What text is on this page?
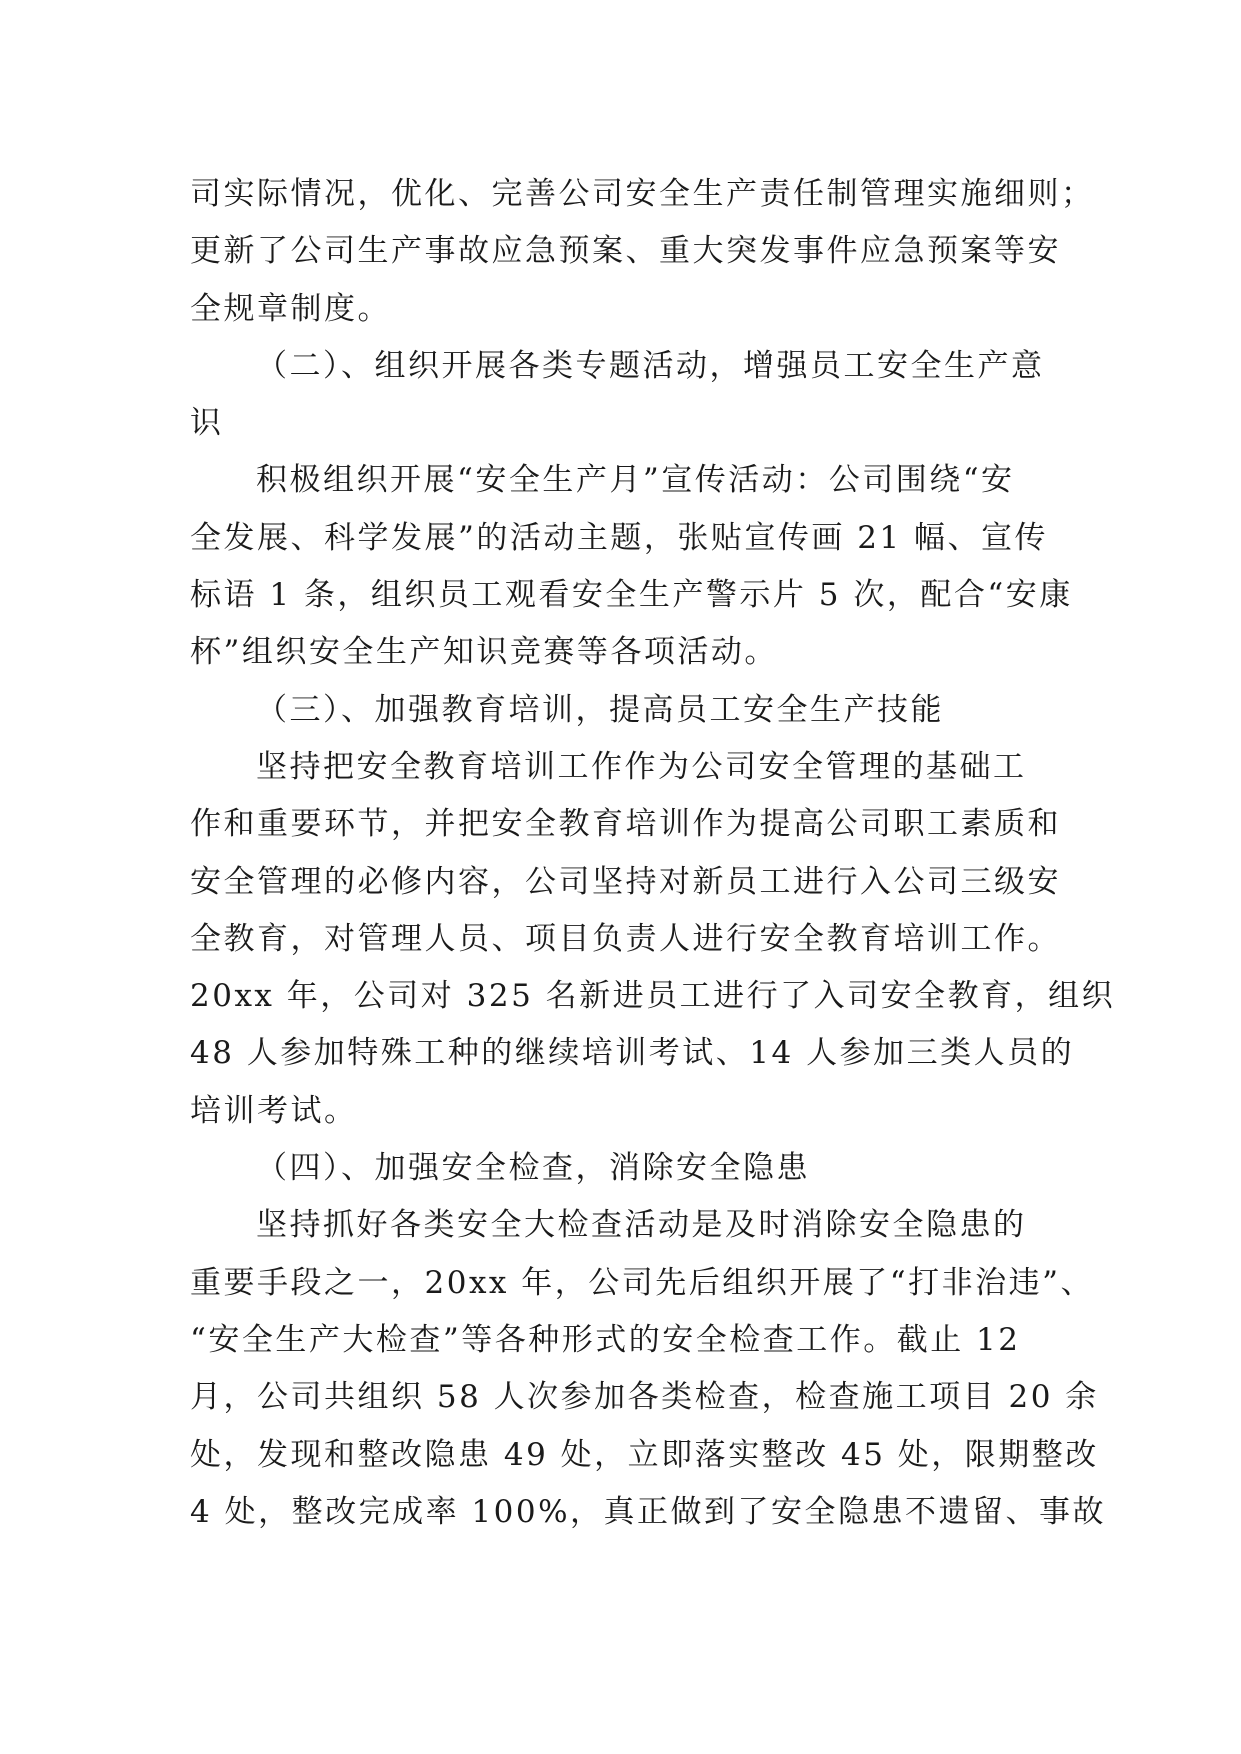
司实际情况，优化、完善公司安全生产责任制管理实施细则；
更新了公司生产事故应急预案、重大突发事件应急预案等安
全规章制度。
（二）、组织开展各类专题活动，增强员工安全生产意
识
积极组织开展“安全生产月”宣传活动：公司围绕“安
全发展、科学发展”的活动主题，张贴宣传画 21 幅、宣传
标语 1 条，组织员工观看安全生产警示片 5 次，配合“安康
杯”组织安全生产知识竞赛等各项活动。
（三）、加强教育培训，提高员工安全生产技能
坚持把安全教育培训工作作为公司安全管理的基础工
作和重要环节，并把安全教育培训作为提高公司职工素质和
安全管理的必修内容，公司坚持对新员工进行入公司三级安
全教育，对管理人员、项目负责人进行安全教育培训工作。
20xx 年，公司对 325 名新进员工进行了入司安全教育，组织
48 人参加特殊工种的继续培训考试、14 人参加三类人员的
培训考试。
（四）、加强安全检查，消除安全隐患
坚持抓好各类安全大检查活动是及时消除安全隐患的
重要手段之一，20xx 年，公司先后组织开展了“打非治违”、
“安全生产大检查”等各种形式的安全检查工作。截止 12
月，公司共组织 58 人次参加各类检查，检查施工项目 20 余
处，发现和整改隐患 49 处，立即落实整改 45 处，限期整改
4 处，整改完成率 100%，真正做到了安全隐患不遗留、事故
